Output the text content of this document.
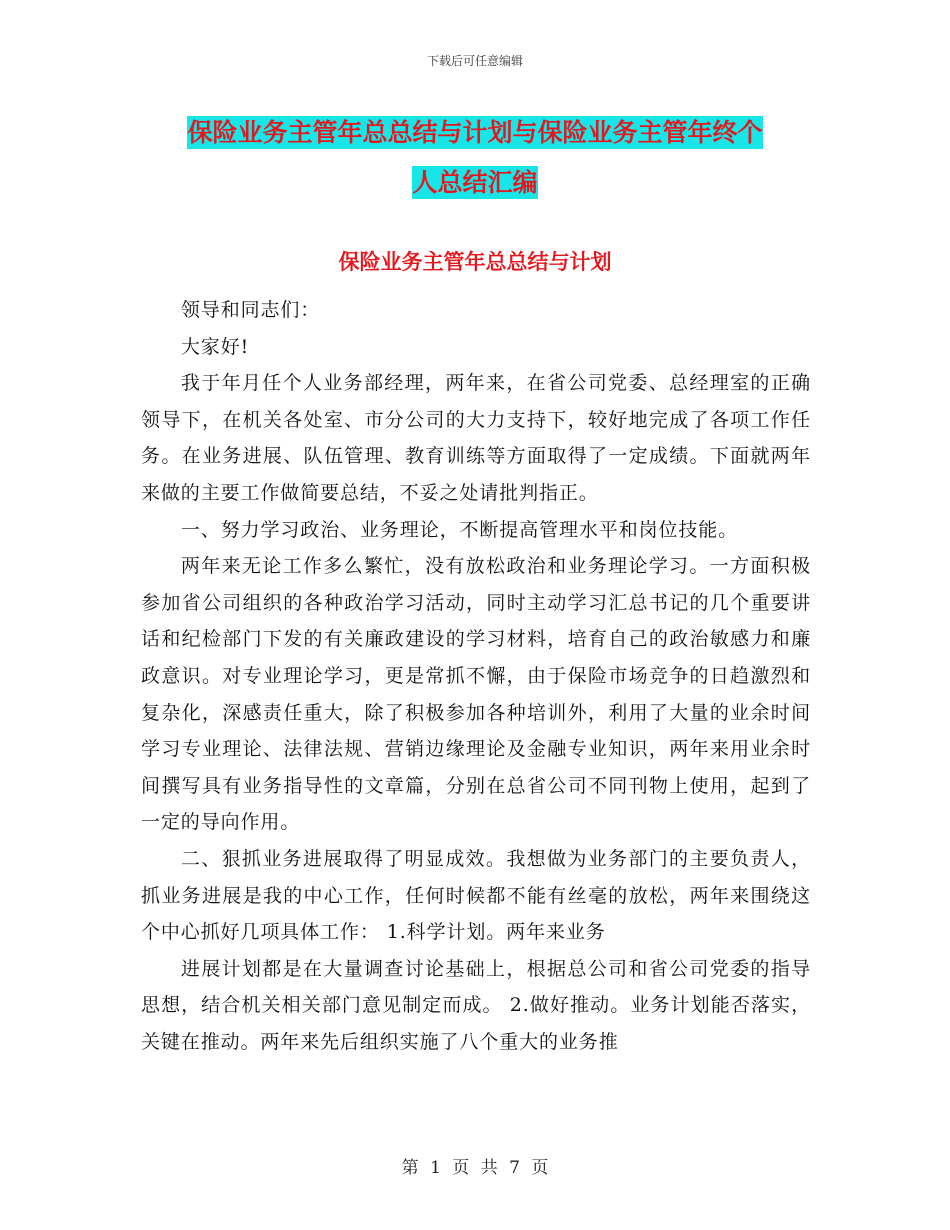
下载后可任意编辑
保险业务主管年总总结与计划与保险业务主管年终个
人总结汇编
保险业务主管年总总结与计划

领导和同志们：

大家好!

我于年月任个人业务部经理，两年来，在省公司党委、总经理室的正确领导下，在机关各处室、市分公司的大力支持下，较好地完成了各项工作任务。在业务进展、队伍管理、教育训练等方面取得了一定成绩。下面就两年来做的主要工作做简要总结，不妥之处请批判指正。

一、努力学习政治、业务理论，不断提高管理水平和岗位技能。

两年来无论工作多么繁忙，没有放松政治和业务理论学习。一方面积极参加省公司组织的各种政治学习活动，同时主动学习汇总书记的几个重要讲话和纪检部门下发的有关廉政建设的学习材料，培育自己的政治敏感力和廉政意识。对专业理论学习，更是常抓不懈，由于保险市场竞争的日趋激烈和复杂化，深感责任重大，除了积极参加各种培训外，利用了大量的业余时间学习专业理论、法律法规、营销边缘理论及金融专业知识，两年来用业余时间撰写具有业务指导性的文章篇，分别在总省公司不同刊物上使用，起到了一定的导向作用。

二、狠抓业务进展取得了明显成效。我想做为业务部门的主要负责人，抓业务进展是我的中心工作，任何时候都不能有丝毫的放松，两年来围绕这个中心抓好几项具体工作： 1.科学计划。两年来业务

进展计划都是在大量调查讨论基础上，根据总公司和省公司党委的指导思想，结合机关相关部门意见制定而成。 2.做好推动。业务计划能否落实，关键在推动。两年来先后组织实施了八个重大的业务推

第 1 页 共 7 页
